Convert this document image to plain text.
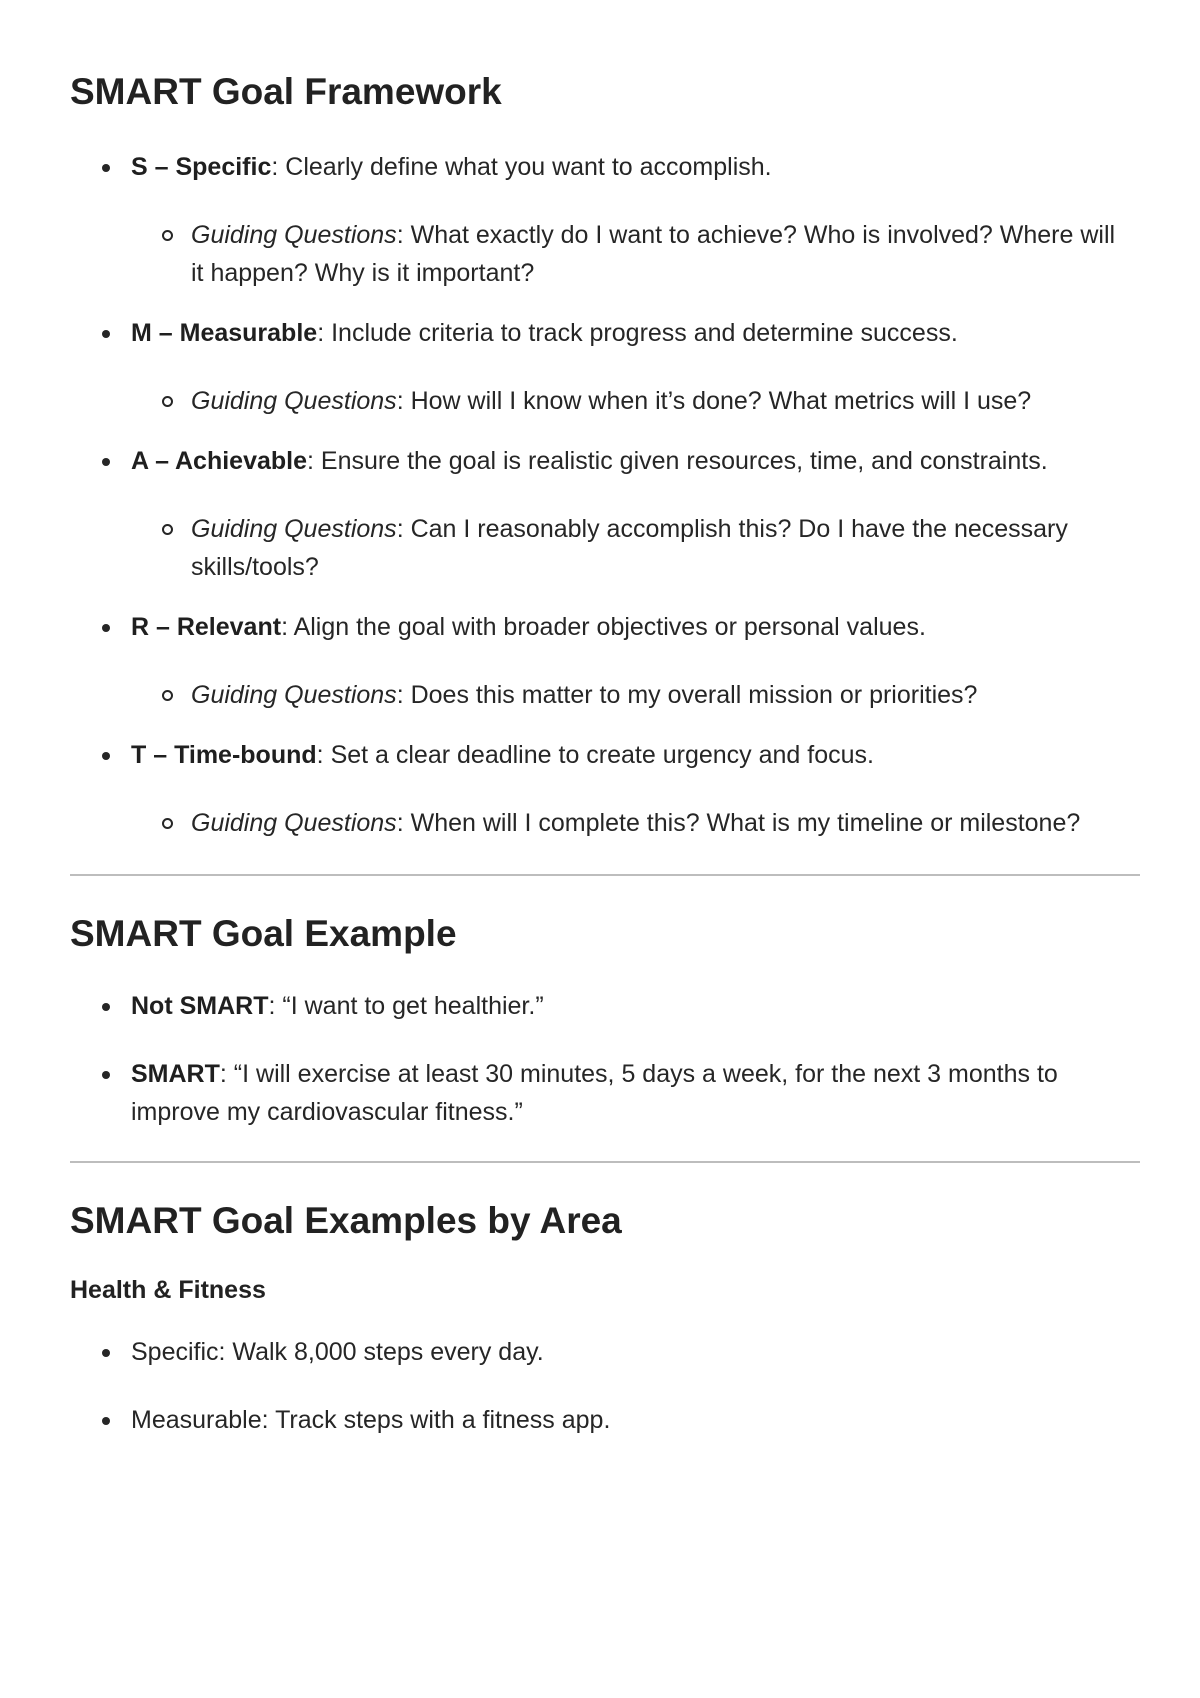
SMART Goal Framework
S – Specific: Clearly define what you want to accomplish.
Guiding Questions: What exactly do I want to achieve? Who is involved? Where will it happen? Why is it important?
M – Measurable: Include criteria to track progress and determine success.
Guiding Questions: How will I know when it’s done? What metrics will I use?
A – Achievable: Ensure the goal is realistic given resources, time, and constraints.
Guiding Questions: Can I reasonably accomplish this? Do I have the necessary skills/tools?
R – Relevant: Align the goal with broader objectives or personal values.
Guiding Questions: Does this matter to my overall mission or priorities?
T – Time-bound: Set a clear deadline to create urgency and focus.
Guiding Questions: When will I complete this? What is my timeline or milestone?
SMART Goal Example
Not SMART: “I want to get healthier.”
SMART: “I will exercise at least 30 minutes, 5 days a week, for the next 3 months to improve my cardiovascular fitness.”
SMART Goal Examples by Area
Health & Fitness
Specific: Walk 8,000 steps every day.
Measurable: Track steps with a fitness app.
